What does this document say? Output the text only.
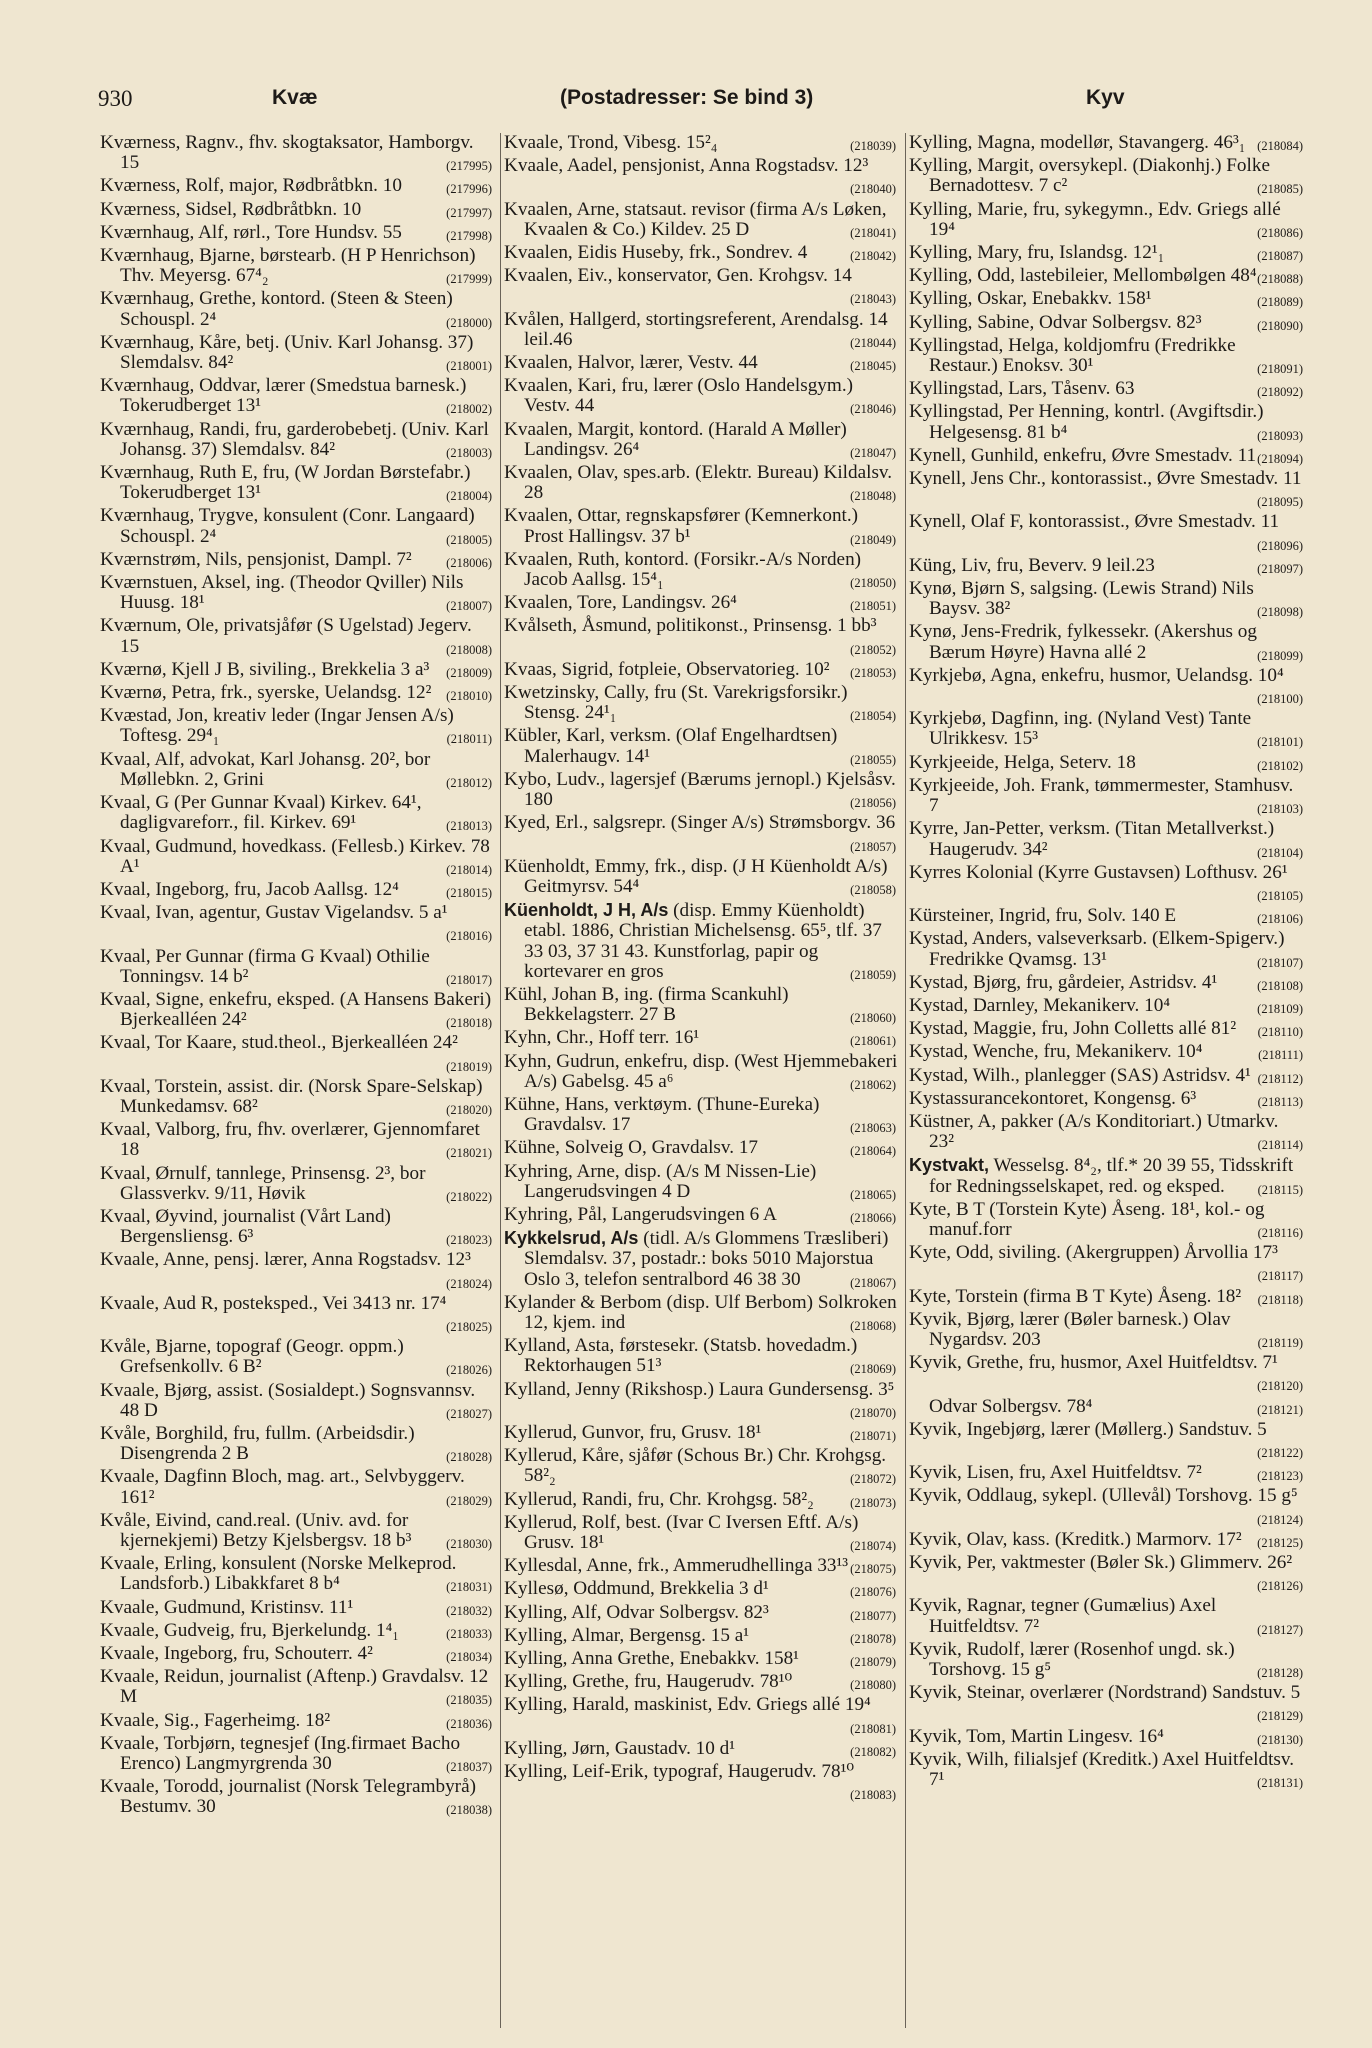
930	Kvæ	(Postadresser: Se bind 3)	Kyv
Kværness, Ragnv., fhv. skogtaksator, Hamborgv. 15	(217995)
Kværness, Rolf, major, Rødbråtbkn. 10	(217996)
Kværness, Sidsel, Rødbråtbkn. 10	(217997)
Kværnhaug, Alf, rørl., Tore Hundsv. 55	(217998)
Kværnhaug, Bjarne, børstearb. (H P Henrichson) Thv. Meyersg. 67⁴₂	(217999)
Kværnhaug, Grethe, kontord. (Steen & Steen) Schouspl. 2⁴	(218000)
Kværnhaug, Kåre, betj. (Univ. Karl Johansg. 37) Slemdalsv. 84²	(218001)
Kværnhaug, Oddvar, lærer (Smedstua barnesk.) Tokerudberget 13¹	(218002)
Kværnhaug, Randi, fru, garderobebetj. (Univ. Karl Johansg. 37) Slemdalsv. 84²	(218003)
Kværnhaug, Ruth E, fru, (W Jordan Børstefabr.) Tokerudberget 13¹	(218004)
Kværnhaug, Trygve, konsulent (Conr. Langaard) Schouspl. 2⁴	(218005)
Kværnstrøm, Nils, pensjonist, Dampl. 7²	(218006)
Kværnstuen, Aksel, ing. (Theodor Qviller) Nils Huusg. 18¹	(218007)
Kværnum, Ole, privatsjåfør (S Ugelstad) Jegerv. 15	(218008)
Kværnø, Kjell J B, siviling., Brekkelia 3 a³ (218009)
Kværnø, Petra, frk., syerske, Uelandsg. 12² (218010)
Kvæstad, Jon, kreativ leder (Ingar Jensen A/s) Toftesg. 29⁴₁	(218011)
Kvaal, Alf, advokat, Karl Johansg. 20², bor Møllebkn. 2, Grini	(218012)
Kvaal, G (Per Gunnar Kvaal) Kirkev. 64¹, dagligvareforr., fil. Kirkev. 69¹	(218013)
Kvaal, Gudmund, hovedkass. (Fellesb.) Kirkev. 78 A¹	(218014)
Kvaal, Ingeborg, fru, Jacob Aallsg. 12⁴	(218015)
Kvaal, Ivan, agentur, Gustav Vigelandsv. 5 a¹
(218016)
Kvaal, Per Gunnar (firma G Kvaal) Othilie Tonningsv. 14 b²	(218017)
Kvaal, Signe, enkefru, eksped. (A Hansens Bakeri) Bjerkealléen 24²	(218018)
Kvaal, Tor Kaare, stud.theol., Bjerkealléen 24²
(218019)
Kvaal, Torstein, assist. dir. (Norsk Spare-Selskap) Munkedamsv. 68²	(218020)
Kvaal, Valborg, fru, fhv. overlærer, Gjennomfaret 18	(218021)
Kvaal, Ørnulf, tannlege, Prinsensg. 2³, bor Glassverkv. 9/11, Høvik	(218022)
Kvaal, Øyvind, journalist (Vårt Land) Bergensliensg. 6³	(218023)
Kvaale, Anne, pensj. lærer, Anna Rogstadsv. 12³
(218024)
Kvaale, Aud R, posteksped., Vei 3413 nr. 17⁴
(218025)
Kvåle, Bjarne, topograf (Geogr. oppm.) Grefsenkollv. 6 B²	(218026)
Kvaale, Bjørg, assist. (Sosialdept.) Sognsvannsv. 48 D	(218027)
Kvåle, Borghild, fru, fullm. (Arbeidsdir.) Disengrenda 2 B	(218028)
Kvaale, Dagfinn Bloch, mag. art., Selvbyggerv. 161²	(218029)
Kvåle, Eivind, cand.real. (Univ. avd. for kjernekjemi) Betzy Kjelsbergsv. 18 b³	(218030)
Kvaale, Erling, konsulent (Norske Melkeprod. Landsforb.) Libakkfaret 8 b⁴	(218031)
Kvaale, Gudmund, Kristinsv. 11¹	(218032)
Kvaale, Gudveig, fru, Bjerkelundg. 1⁴₁	(218033)
Kvaale, Ingeborg, fru, Schouterr. 4²	(218034)
Kvaale, Reidun, journalist (Aftenp.) Gravdalsv. 12 M	(218035)
Kvaale, Sig., Fagerheimg. 18²	(218036)
Kvaale, Torbjørn, tegnesjef (Ing.firmaet Bacho Erenco) Langmyrgrenda 30	(218037)
Kvaale, Torodd, journalist (Norsk Telegrambyrå) Bestumv. 30	(218038)
Kvaale, Trond, Vibesg. 15²₄	(218039)
Kvaale, Aadel, pensjonist, Anna Rogstadsv. 12³
(218040)
Kvaalen, Arne, statsaut. revisor (firma A/s Løken, Kvaalen & Co.) Kildev. 25 D	(218041)
Kvaalen, Eidis Huseby, frk., Sondrev. 4	(218042)
Kvaalen, Eiv., konservator, Gen. Krohgsv. 14
(218043)
Kvålen, Hallgerd, stortingsreferent, Arendalsg. 14 leil.46	(218044)
Kvaalen, Halvor, lærer, Vestv. 44	(218045)
Kvaalen, Kari, fru, lærer (Oslo Handelsgym.) Vestv. 44	(218046)
Kvaalen, Margit, kontord. (Harald A Møller) Landingsv. 26⁴	(218047)
Kvaalen, Olav, spes.arb. (Elektr. Bureau) Kildalsv. 28	(218048)
Kvaalen, Ottar, regnskapsfører (Kemnerkont.) Prost Hallingsv. 37 b¹	(218049)
Kvaalen, Ruth, kontord. (Forsikr.-A/s Norden) Jacob Aallsg. 15⁴₁	(218050)
Kvaalen, Tore, Landingsv. 26⁴	(218051)
Kvålseth, Åsmund, politikonst., Prinsensg. 1 bb³
(218052)
Kvaas, Sigrid, fotpleie, Observatorieg. 10² (218053)
Kwetzinsky, Cally, fru (St. Varekrigsforsikr.) Stensg. 24¹₁	(218054)
Kübler, Karl, verksm. (Olaf Engelhardtsen) Malerhaugv. 14¹	(218055)
Kybo, Ludv., lagersjef (Bærums jernopl.) Kjelsåsv. 180	(218056)
Kyed, Erl., salgsrepr. (Singer A/s) Strømsborgv. 36
(218057)
Küenholdt, Emmy, frk., disp. (J H Küenholdt A/s) Geitmyrsv. 54⁴	(218058)
Küenholdt, J H, A/s (disp. Emmy Küenholdt) etabl. 1886, Christian Michelsensg. 65⁵, tlf. 37 33 03, 37 31 43. Kunstforlag, papir og kortevarer en gros	(218059)
Kühl, Johan B, ing. (firma Scankuhl) Bekkelagsterr. 27 B	(218060)
Kyhn, Chr., Hoff terr. 16¹	(218061)
Kyhn, Gudrun, enkefru, disp. (West Hjemmebakeri A/s) Gabelsg. 45 a⁶	(218062)
Kühne, Hans, verktøym. (Thune-Eureka) Gravdalsv. 17	(218063)
Kühne, Solveig O, Gravdalsv. 17	(218064)
Kyhring, Arne, disp. (A/s M Nissen-Lie) Langerudsvingen 4 D	(218065)
Kyhring, Pål, Langerudsvingen 6 A	(218066)
Kykkelsrud, A/s (tidl. A/s Glommens Træsliberi) Slemdalsv. 37, postadr.: boks 5010 Majorstua Oslo 3, telefon sentralbord 46 38 30	(218067)
Kylander & Berbom (disp. Ulf Berbom) Solkroken 12, kjem. ind	(218068)
Kylland, Asta, førstesekr. (Statsb. hovedadm.) Rektorhaugen 51³	(218069)
Kylland, Jenny (Rikshosp.) Laura Gundersensg. 3⁵
(218070)
Kyllerud, Gunvor, fru, Grusv. 18¹	(218071)
Kyllerud, Kåre, sjåfør (Schous Br.) Chr. Krohgsg. 58²₂	(218072)
Kyllerud, Randi, fru, Chr. Krohgsg. 58²₂	(218073)
Kyllerud, Rolf, best. (Ivar C Iversen Eftf. A/s) Grusv. 18¹	(218074)
Kyllesdal, Anne, frk., Ammerudhellinga 33¹³ (218075)
Kyllesø, Oddmund, Brekkelia 3 d¹	(218076)
Kylling, Alf, Odvar Solbergsv. 82³	(218077)
Kylling, Almar, Bergensg. 15 a¹	(218078)
Kylling, Anna Grethe, Enebakkv. 158¹	(218079)
Kylling, Grethe, fru, Haugerudv. 78¹⁰	(218080)
Kylling, Harald, maskinist, Edv. Griegs allé 19⁴
(218081)
Kylling, Jørn, Gaustadv. 10 d¹	(218082)
Kylling, Leif-Erik, typograf, Haugerudv. 78¹⁰
(218083)
Kylling, Magna, modellør, Stavangerg. 46³₁ (218084)
Kylling, Margit, oversykepl. (Diakonhj.) Folke Bernadottesv. 7 c²	(218085)
Kylling, Marie, fru, sykegymn., Edv. Griegs allé 19⁴	(218086)
Kylling, Mary, fru, Islandsg. 12¹₁	(218087)
Kylling, Odd, lastebileier, Mellombølgen 48⁴ (218088)
Kylling, Oskar, Enebakkv. 158¹	(218089)
Kylling, Sabine, Odvar Solbergsv. 82³	(218090)
Kyllingstad, Helga, koldjomfru (Fredrikke Restaur.) Enoksv. 30¹	(218091)
Kyllingstad, Lars, Tåsenv. 63	(218092)
Kyllingstad, Per Henning, kontrl. (Avgiftsdir.) Helgesensg. 81 b⁴	(218093)
Kynell, Gunhild, enkefru, Øvre Smestadv. 11 (218094)
Kynell, Jens Chr., kontorassist., Øvre Smestadv. 11
(218095)
Kynell, Olaf F, kontorassist., Øvre Smestadv. 11
(218096)
Küng, Liv, fru, Beverv. 9 leil.23	(218097)
Kynø, Bjørn S, salgsing. (Lewis Strand) Nils Baysv. 38²	(218098)
Kynø, Jens-Fredrik, fylkessekr. (Akershus og Bærum Høyre) Havna allé 2	(218099)
Kyrkjebø, Agna, enkefru, husmor, Uelandsg. 10⁴
(218100)
Kyrkjebø, Dagfinn, ing. (Nyland Vest) Tante Ulrikkesv. 15³	(218101)
Kyrkjeeide, Helga, Seterv. 18	(218102)
Kyrkjeeide, Joh. Frank, tømmermester, Stamhusv. 7	(218103)
Kyrre, Jan-Petter, verksm. (Titan Metallverkst.) Haugerudv. 34²	(218104)
Kyrres Kolonial (Kyrre Gustavsen) Lofthusv. 26¹
(218105)
Kürsteiner, Ingrid, fru, Solv. 140 E	(218106)
Kystad, Anders, valseverksarb. (Elkem-Spigerv.) Fredrikke Qvamsg. 13¹	(218107)
Kystad, Bjørg, fru, gårdeier, Astridsv. 4¹	(218108)
Kystad, Darnley, Mekanikerv. 10⁴	(218109)
Kystad, Maggie, fru, John Colletts allé 81² (218110)
Kystad, Wenche, fru, Mekanikerv. 10⁴	(218111)
Kystad, Wilh., planlegger (SAS) Astridsv. 4¹ (218112)
Kystassurancekontoret, Kongensg. 6³	(218113)
Küstner, A, pakker (A/s Konditoriart.) Utmarkv. 23²	(218114)
Kystvakt, Wesselsg. 8⁴₂, tlf.* 20 39 55, Tidsskrift for Redningsselskapet, red. og eksped.	(218115)
Kyte, B T (Torstein Kyte) Åseng. 18¹, kol.- og manuf.forr	(218116)
Kyte, Odd, siviling. (Akergruppen) Årvollia 17³
(218117)
Kyte, Torstein (firma B T Kyte) Åseng. 18² (218118)
Kyvik, Bjørg, lærer (Bøler barnesk.) Olav Nygardsv. 203	(218119)
Kyvik, Grethe, fru, husmor, Axel Huitfeldtsv. 7¹
(218120)
Odvar Solbergsv. 78⁴	(218121)
Kyvik, Ingebjørg, lærer (Møllerg.) Sandstuv. 5
(218122)
Kyvik, Lisen, fru, Axel Huitfeldtsv. 7²	(218123)
Kyvik, Oddlaug, sykepl. (Ullevål) Torshovg. 15 g⁵
(218124)
Kyvik, Olav, kass. (Kreditk.) Marmorv. 17² (218125)
Kyvik, Per, vaktmester (Bøler Sk.) Glimmerv. 26²
(218126)
Kyvik, Ragnar, tegner (Gumælius) Axel Huitfeldtsv. 7²	(218127)
Kyvik, Rudolf, lærer (Rosenhof ungd. sk.) Torshovg. 15 g⁵	(218128)
Kyvik, Steinar, overlærer (Nordstrand) Sandstuv. 5
(218129)
Kyvik, Tom, Martin Lingesv. 16⁴	(218130)
Kyvik, Wilh, filialsjef (Kreditk.) Axel Huitfeldtsv. 7¹	(218131)
